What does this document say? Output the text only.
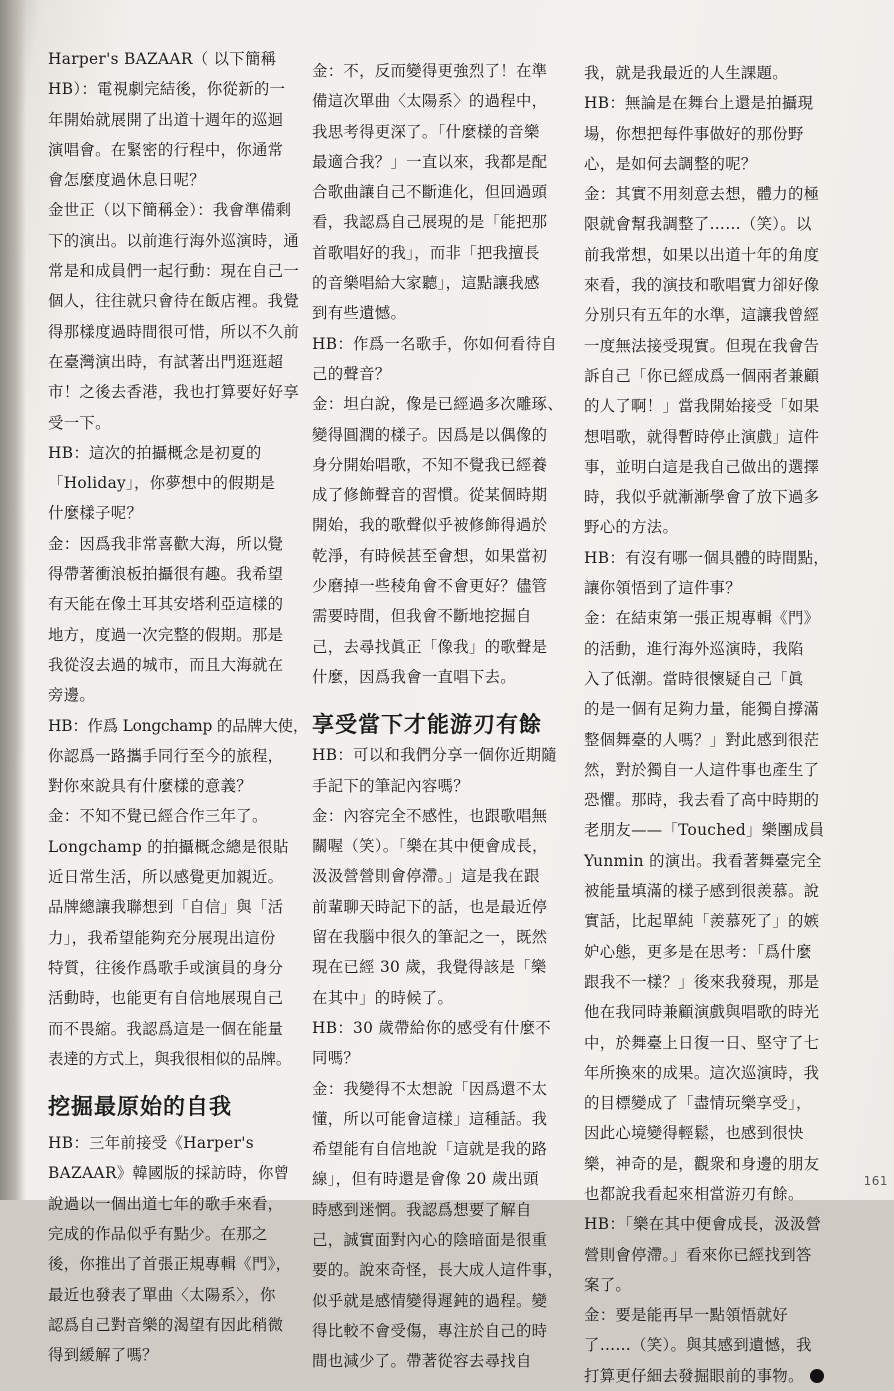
Harper's BAZAAR（ 以下簡稱
HB）：電視劇完結後，你從新的一
年開始就展開了出道十週年的巡迴
演唱會。在緊密的行程中，你通常
會怎麼度過休息日呢？
金世正（以下簡稱金）：我會準備剩
下的演出。以前進行海外巡演時，通
常是和成員們一起行動：現在自己一
個人，往往就只會待在飯店裡。我覺
得那樣度過時間很可惜，所以不久前
在臺灣演出時，有試著出門逛逛超
市！之後去香港，我也打算要好好享
受一下。
HB：這次的拍攝概念是初夏的
「Holiday」，你夢想中的假期是
什麼樣子呢？
金：因爲我非常喜歡大海，所以覺
得帶著衝浪板拍攝很有趣。我希望
有天能在像土耳其安塔利亞這樣的
地方，度過一次完整的假期。那是
我從沒去過的城市，而且大海就在
旁邊。
HB：作爲 Longchamp 的品牌大使，
你認爲一路攜手同行至今的旅程，
對你來說具有什麼樣的意義？
金：不知不覺已經合作三年了。
Longchamp 的拍攝概念總是很貼
近日常生活，所以感覺更加親近。
品牌總讓我聯想到「自信」與「活
力」，我希望能夠充分展現出這份
特質，往後作爲歌手或演員的身分
活動時，也能更有自信地展現自己
而不畏縮。我認爲這是一個在能量
表達的方式上，與我很相似的品牌。
挖掘最原始的自我
HB：三年前接受《Harper's
BAZAAR》韓國版的採訪時，你曾
說過以一個出道七年的歌手來看，
完成的作品似乎有點少。在那之
後，你推出了首張正規專輯《門》，
最近也發表了單曲〈太陽系〉，你
認爲自己對音樂的渴望有因此稍微
得到緩解了嗎？
金：不，反而變得更強烈了！在準
備這次單曲〈太陽系〉的過程中，
我思考得更深了。「什麼樣的音樂
最適合我？」一直以來，我都是配
合歌曲讓自己不斷進化，但回過頭
看，我認爲自己展現的是「能把那
首歌唱好的我」，而非「把我擅長
的音樂唱給大家聽」，這點讓我感
到有些遺憾。
HB：作爲一名歌手，你如何看待自
己的聲音？
金：坦白說，像是已經過多次雕琢、
變得圓潤的樣子。因爲是以偶像的
身分開始唱歌，不知不覺我已經養
成了修飾聲音的習慣。從某個時期
開始，我的歌聲似乎被修飾得過於
乾淨，有時候甚至會想，如果當初
少磨掉一些稜角會不會更好？儘管
需要時間，但我會不斷地挖掘自
己，去尋找眞正「像我」的歌聲是
什麼，因爲我會一直唱下去。
享受當下才能游刃有餘
HB：可以和我們分享一個你近期隨
手記下的筆記內容嗎？
金：內容完全不感性，也跟歌唱無
關喔（笑）。「樂在其中便會成長，
汲汲營營則會停滯。」這是我在跟
前輩聊天時記下的話，也是最近停
留在我腦中很久的筆記之一，既然
現在已經 30 歲，我覺得該是「樂
在其中」的時候了。
HB：30 歲帶給你的感受有什麼不
同嗎？
金：我變得不太想說「因爲還不太
懂，所以可能會這樣」這種話。我
希望能有自信地說「這就是我的路
線」，但有時還是會像 20 歲出頭
時感到迷惘。我認爲想要了解自
己，誠實面對內心的陰暗面是很重
要的。說來奇怪，長大成人這件事，
似乎就是感情變得遲鈍的過程。變
得比較不會受傷，專注於自己的時
間也減少了。帶著從容去尋找自
我，就是我最近的人生課題。
HB：無論是在舞台上還是拍攝現
場，你想把每件事做好的那份野
心，是如何去調整的呢？
金：其實不用刻意去想，體力的極
限就會幫我調整了……（笑）。以
前我常想，如果以出道十年的角度
來看，我的演技和歌唱實力卻好像
分別只有五年的水準，這讓我曾經
一度無法接受現實。但現在我會告
訴自己「你已經成爲一個兩者兼顧
的人了啊！」當我開始接受「如果
想唱歌，就得暫時停止演戲」這件
事，並明白這是我自己做出的選擇
時，我似乎就漸漸學會了放下過多
野心的方法。
HB：有沒有哪一個具體的時間點，
讓你領悟到了這件事？
金：在結束第一張正規專輯《門》
的活動，進行海外巡演時，我陷
入了低潮。當時很懷疑自己「眞
的是一個有足夠力量，能獨自撐滿
整個舞臺的人嗎？」對此感到很茫
然，對於獨自一人這件事也產生了
恐懼。那時，我去看了高中時期的
老朋友——「Touched」樂團成員
Yunmin 的演出。我看著舞臺完全
被能量填滿的樣子感到很羨慕。說
實話，比起單純「羨慕死了」的嫉
妒心態，更多是在思考：「爲什麼
跟我不一樣？」後來我發現，那是
他在我同時兼顧演戲與唱歌的時光
中，於舞臺上日復一日、堅守了七
年所換來的成果。這次巡演時，我
的目標變成了「盡情玩樂享受」，
因此心境變得輕鬆，也感到很快
樂，神奇的是，觀衆和身邊的朋友
也都說我看起來相當游刃有餘。
HB：「樂在其中便會成長，汲汲營
營則會停滯。」看來你已經找到答
案了。
金：要是能再早一點領悟就好
了……（笑）。與其感到遺憾，我
打算更仔細去發掘眼前的事物。
161
